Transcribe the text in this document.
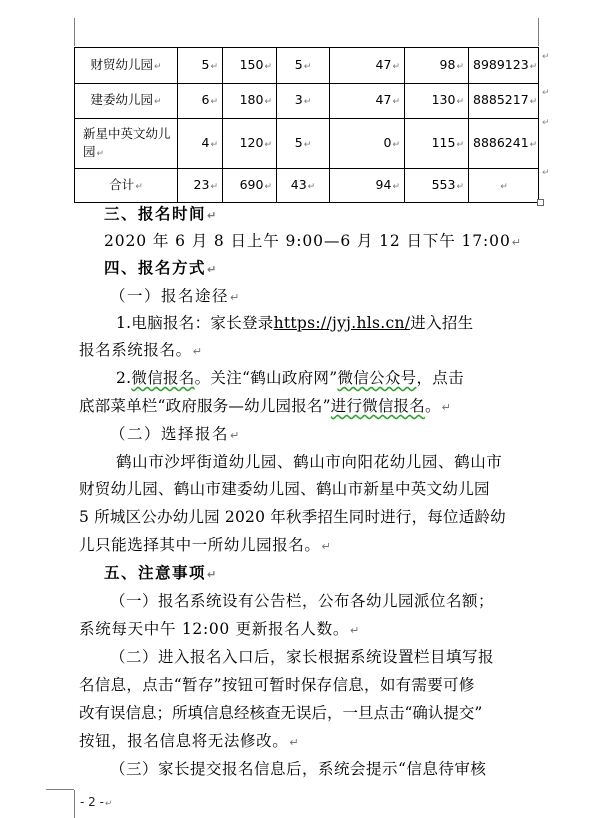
财贸幼儿园↵	5↵	150↵	5↵	47↵	98↵	8989123↵
建委幼儿园↵	6↵	180↵	3↵	47↵	130↵	8885217↵
新星中英文幼儿园↵	4↵	120↵	5↵	0↵	115↵	8886241↵
合计↵	23↵	690↵	43↵	94↵	553↵	↵
↵
↵
↵
↵
三、报名时间↵
2020 年 6 月 8 日上午 9:00—6 月 12 日下午 17:00↵
四、报名方式↵
（一）报名途径↵
1.电脑报名：家长登录https://jyj.hls.cn/进入招生
报名系统报名。↵
2.微信报名。关注“鹤山政府网”微信公众号，点击
底部菜单栏“政府服务—幼儿园报名”进行微信报名。↵
（二）选择报名↵
鹤山市沙坪街道幼儿园、鹤山市向阳花幼儿园、鹤山市
财贸幼儿园、鹤山市建委幼儿园、鹤山市新星中英文幼儿园
5 所城区公办幼儿园 2020 年秋季招生同时进行，每位适龄幼
儿只能选择其中一所幼儿园报名。↵
五、注意事项↵
（一）报名系统设有公告栏，公布各幼儿园派位名额；
系统每天中午 12:00 更新报名人数。↵
（二）进入报名入口后，家长根据系统设置栏目填写报
名信息，点击“暂存”按钮可暂时保存信息，如有需要可修
改有误信息；所填信息经核查无误后，一旦点击“确认提交”
按钮，报名信息将无法修改。↵
（三）家长提交报名信息后，系统会提示“信息待审核
- 2 -↵
